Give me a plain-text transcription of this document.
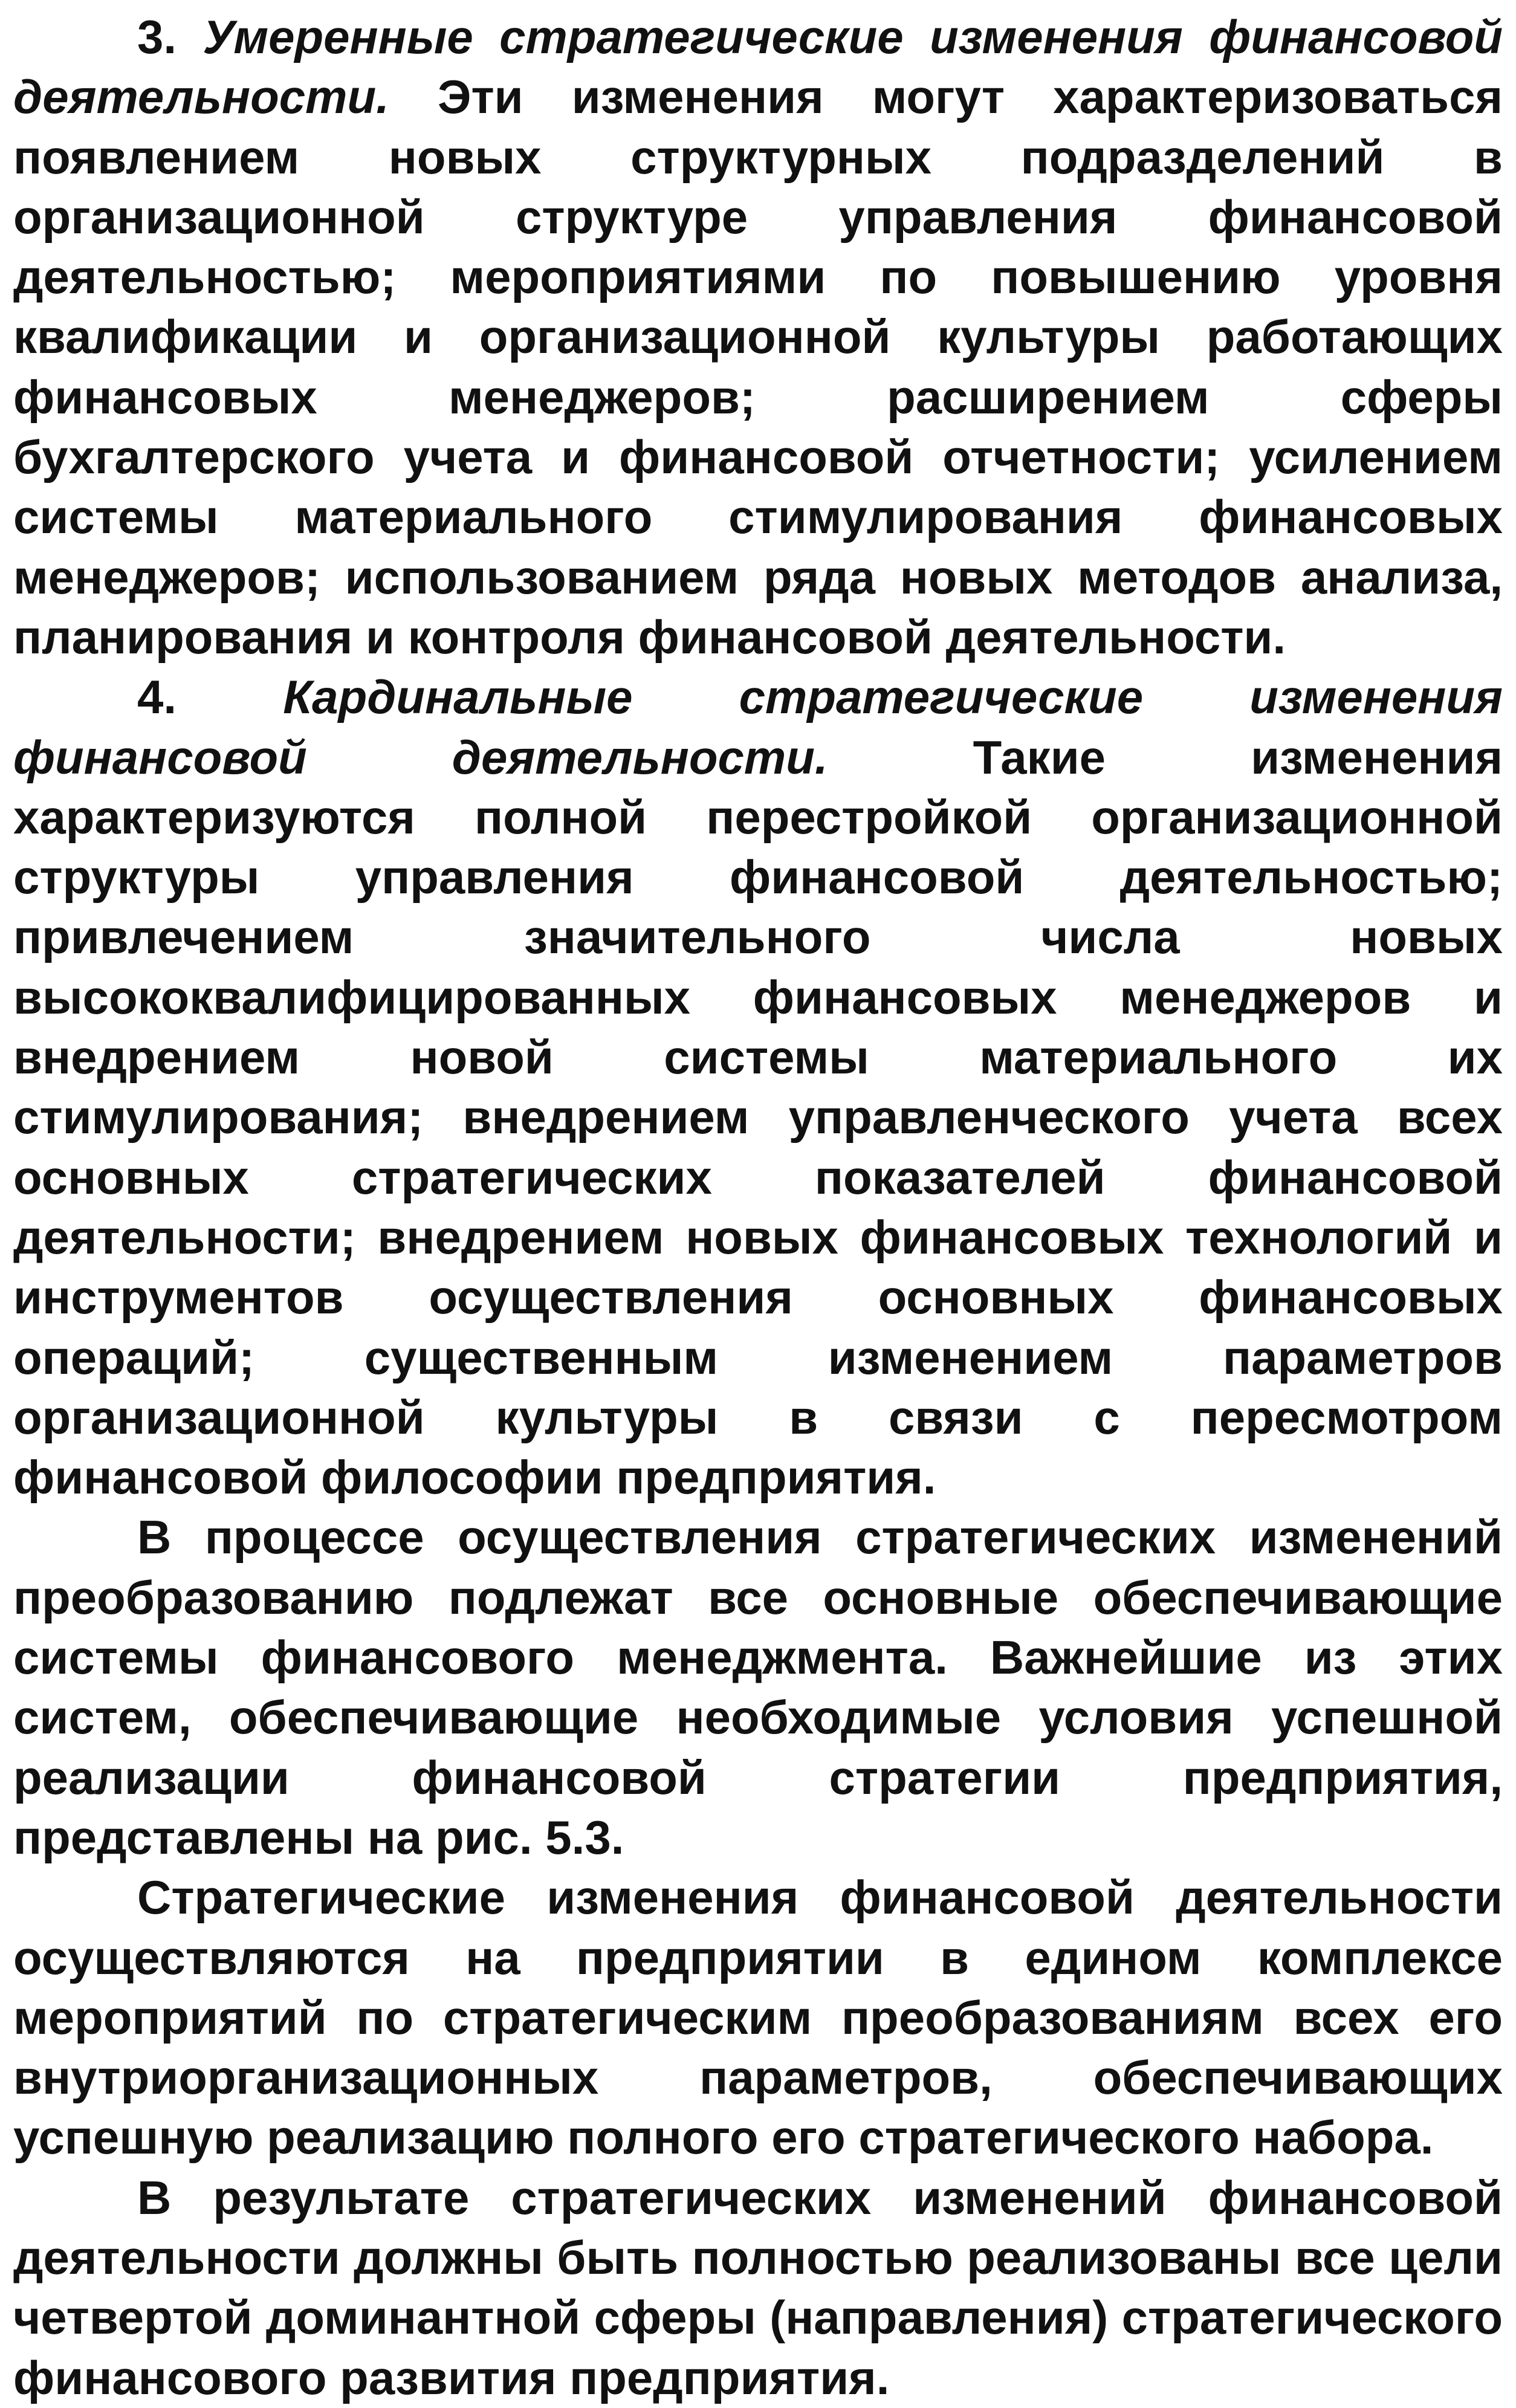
3. Умеренные стратегические изменения финансовой деятельности. Эти изменения могут характеризоваться появлением новых структурных подразделений в организационной структуре управления финансовой деятельностью; мероприятиями по повышению уровня квалификации и организационной культуры работающих финансовых менеджеров; расширением сферы бухгалтерского учета и финансовой отчетности; усилением системы материального стимулирования финансовых менеджеров; использованием ряда новых методов анализа, планирования и контроля финансовой деятельности.

4. Кардинальные стратегические изменения финансовой деятельности. Такие изменения характеризуются полной перестройкой организационной структуры управления финансовой деятельностью; привлечением значительного числа новых высококвалифицированных финансовых менеджеров и внедрением новой системы материального их стимулирования; внедрением управленческого учета всех основных стратегических показателей финансовой деятельности; внедрением новых финансовых технологий и инструментов осуществления основных финансовых операций; существенным изменением параметров организационной культуры в связи с пересмотром финансовой философии предприятия.

В процессе осуществления стратегических изменений преобразованию подлежат все основные обеспечивающие системы финансового менеджмента. Важнейшие из этих систем, обеспечивающие необходимые условия успешной реализации финансовой стратегии предприятия, представлены на рис. 5.3.

Стратегические изменения финансовой деятельности осуществляются на предприятии в едином комплексе мероприятий по стратегическим преобразованиям всех его внутриорганизационных параметров, обеспечивающих успешную реализацию полного его стратегического набора.

В результате стратегических изменений финансовой деятельности должны быть полностью реализованы все цели четвертой доминантной сферы (направления) стратегического финансового развития предприятия.
